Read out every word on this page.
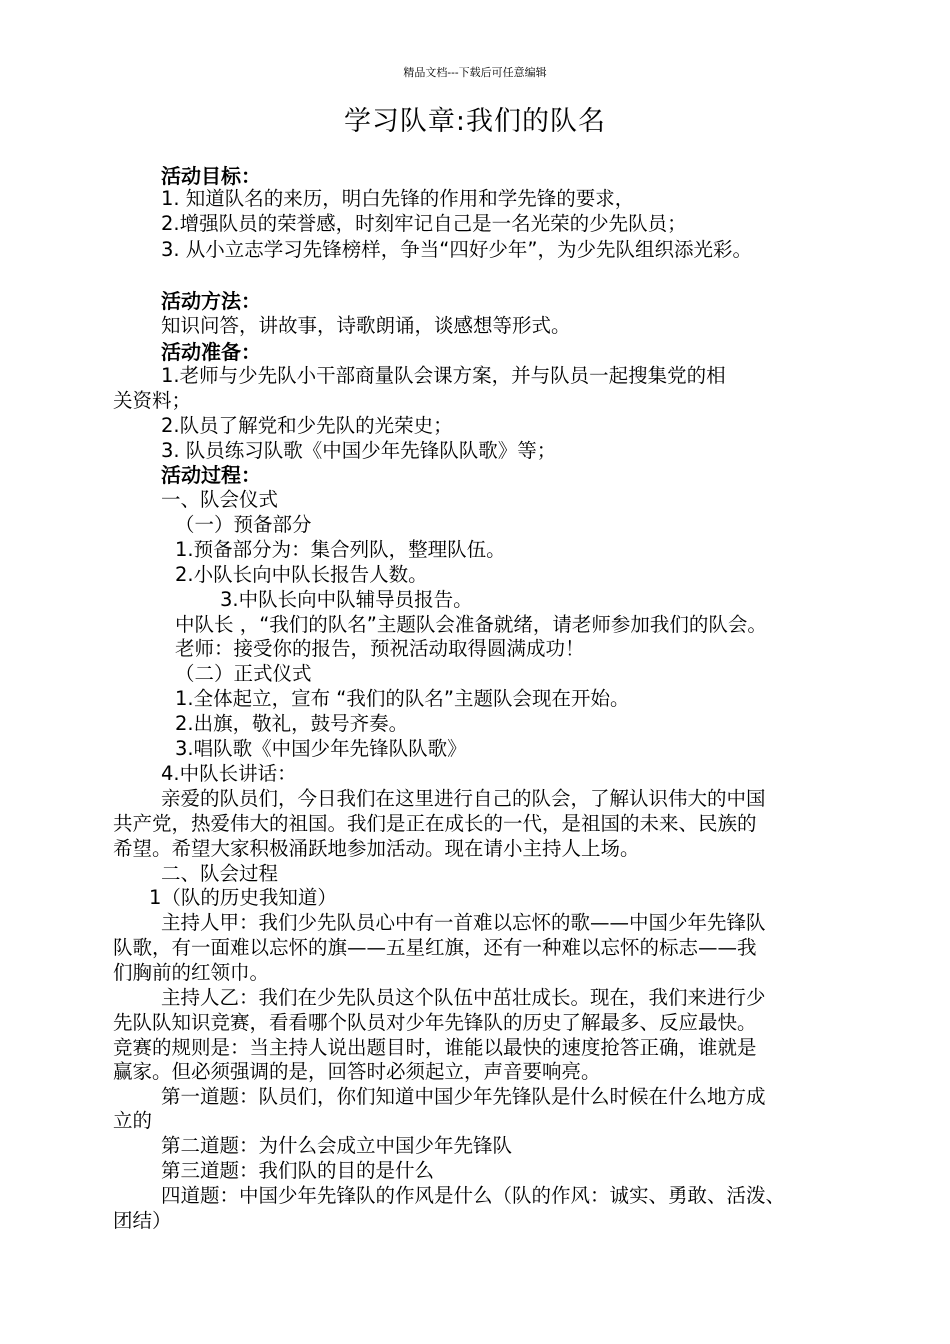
精品文档---下载后可任意编辑
学习队章:我们的队名
活动目标：
1. 知道队名的来历，明白先锋的作用和学先锋的要求，
2.增强队员的荣誉感，时刻牢记自己是一名光荣的少先队员；
3. 从小立志学习先锋榜样，争当“四好少年”，为少先队组织添光彩。
活动方法：
知识问答，讲故事，诗歌朗诵，谈感想等形式。
活动准备：
1.老师与少先队小干部商量队会课方案，并与队员一起搜集党的相
关资料；
2.队员了解党和少先队的光荣史；
3. 队员练习队歌《中国少年先锋队队歌》等；
活动过程：
一、队会仪式
（一）预备部分
1.预备部分为：集合列队，整理队伍。
2.小队长向中队长报告人数。
3.中队长向中队辅导员报告。
中队长 ，“我们的队名”主题队会准备就绪，请老师参加我们的队会。
老师：接受你的报告，预祝活动取得圆满成功！
（二）正式仪式
1.全体起立，宣布 “我们的队名”主题队会现在开始。
2.出旗，敬礼，鼓号齐奏。
3.唱队歌《中国少年先锋队队歌》
4.中队长讲话：
亲爱的队员们，今日我们在这里进行自己的队会，了解认识伟大的中国
共产党，热爱伟大的祖国。我们是正在成长的一代，是祖国的未来、民族的
希望。希望大家积极涌跃地参加活动。现在请小主持人上场。
二、队会过程
1（队的历史我知道）
主持人甲：我们少先队员心中有一首难以忘怀的歌——中国少年先锋队
队歌，有一面难以忘怀的旗——五星红旗，还有一种难以忘怀的标志——我
们胸前的红领巾。
主持人乙：我们在少先队员这个队伍中茁壮成长。现在，我们来进行少
先队队知识竞赛，看看哪个队员对少年先锋队的历史了解最多、反应最快。
竞赛的规则是：当主持人说出题目时，谁能以最快的速度抢答正确，谁就是
赢家。但必须强调的是，回答时必须起立，声音要响亮。
第一道题：队员们，你们知道中国少年先锋队是什么时候在什么地方成
立的
第二道题：为什么会成立中国少年先锋队
第三道题：我们队的目的是什么
四道题：中国少年先锋队的作风是什么（队的作风：诚实、勇敢、活泼、
团结）
